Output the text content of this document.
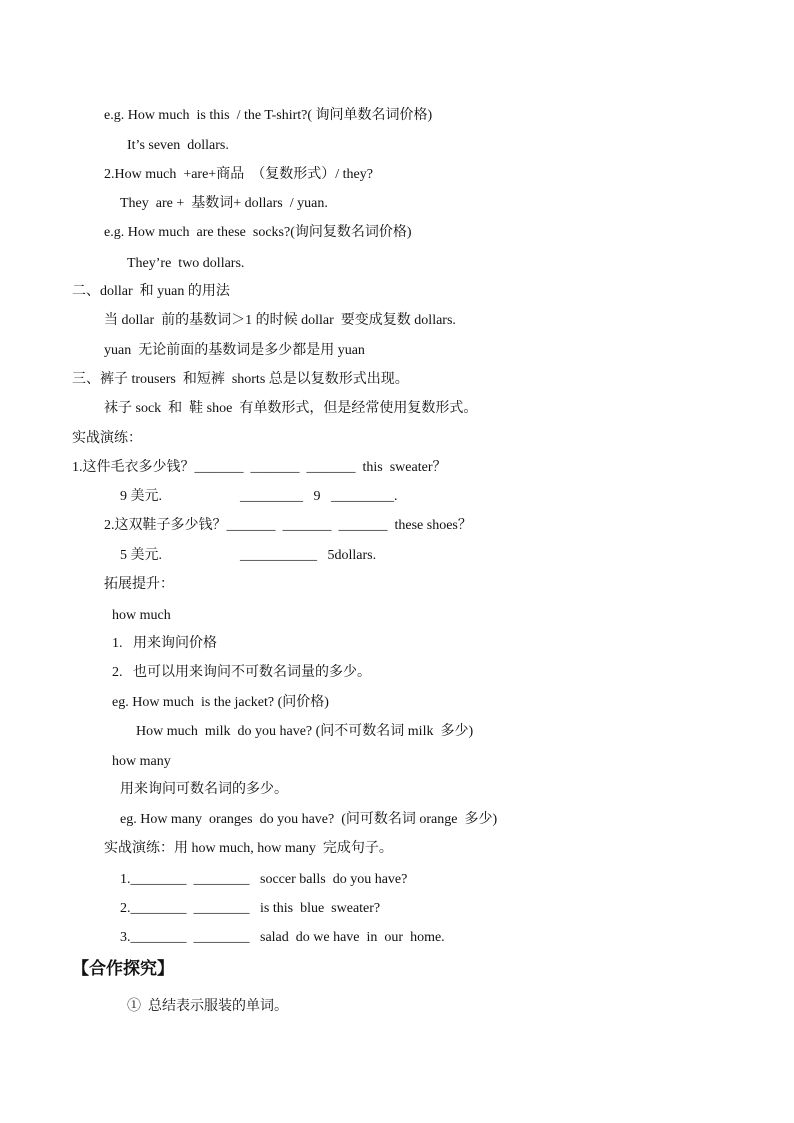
e.g. How much  is this  / the T-shirt?( 询问单数名词价格)
It’s seven  dollars.
2.How much  +are+商品  （复数形式）/ they?
They  are +  基数词+ dollars  / yuan.
e.g. How much  are these  socks?(询问复数名词价格)
They’re  two dollars.
二、dollar  和 yuan 的用法
当 dollar  前的基数词＞1 的时候 dollar  要变成复数 dollars.
yuan  无论前面的基数词是多少都是用 yuan
三、裤子 trousers  和短裤  shorts 总是以复数形式出现。
袜子 sock  和  鞋 shoe  有单数形式，但是经常使用复数形式。
实战演练：
1.这件毛衣多少钱？_______  _______  _______  this  sweater？
9 美元.	_________   9   _________.
2.这双鞋子多少钱？_______  _______  _______  these shoes？
5 美元.	___________   5dollars.
拓展提升：
how much
1.   用来询问价格
2.   也可以用来询问不可数名词量的多少。
eg. How much  is the jacket? (问价格)
How much  milk  do you have? (问不可数名词 milk  多少)
how many
用来询问可数名词的多少。
eg. How many  oranges  do you have?  (问可数名词 orange  多少)
实战演练：用 how much, how many  完成句子。
1.________  ________   soccer balls  do you have?
2.________  ________   is this  blue  sweater?
3.________  ________   salad  do we have  in  our  home.
【合作探究】
①  总结表示服装的单词。
